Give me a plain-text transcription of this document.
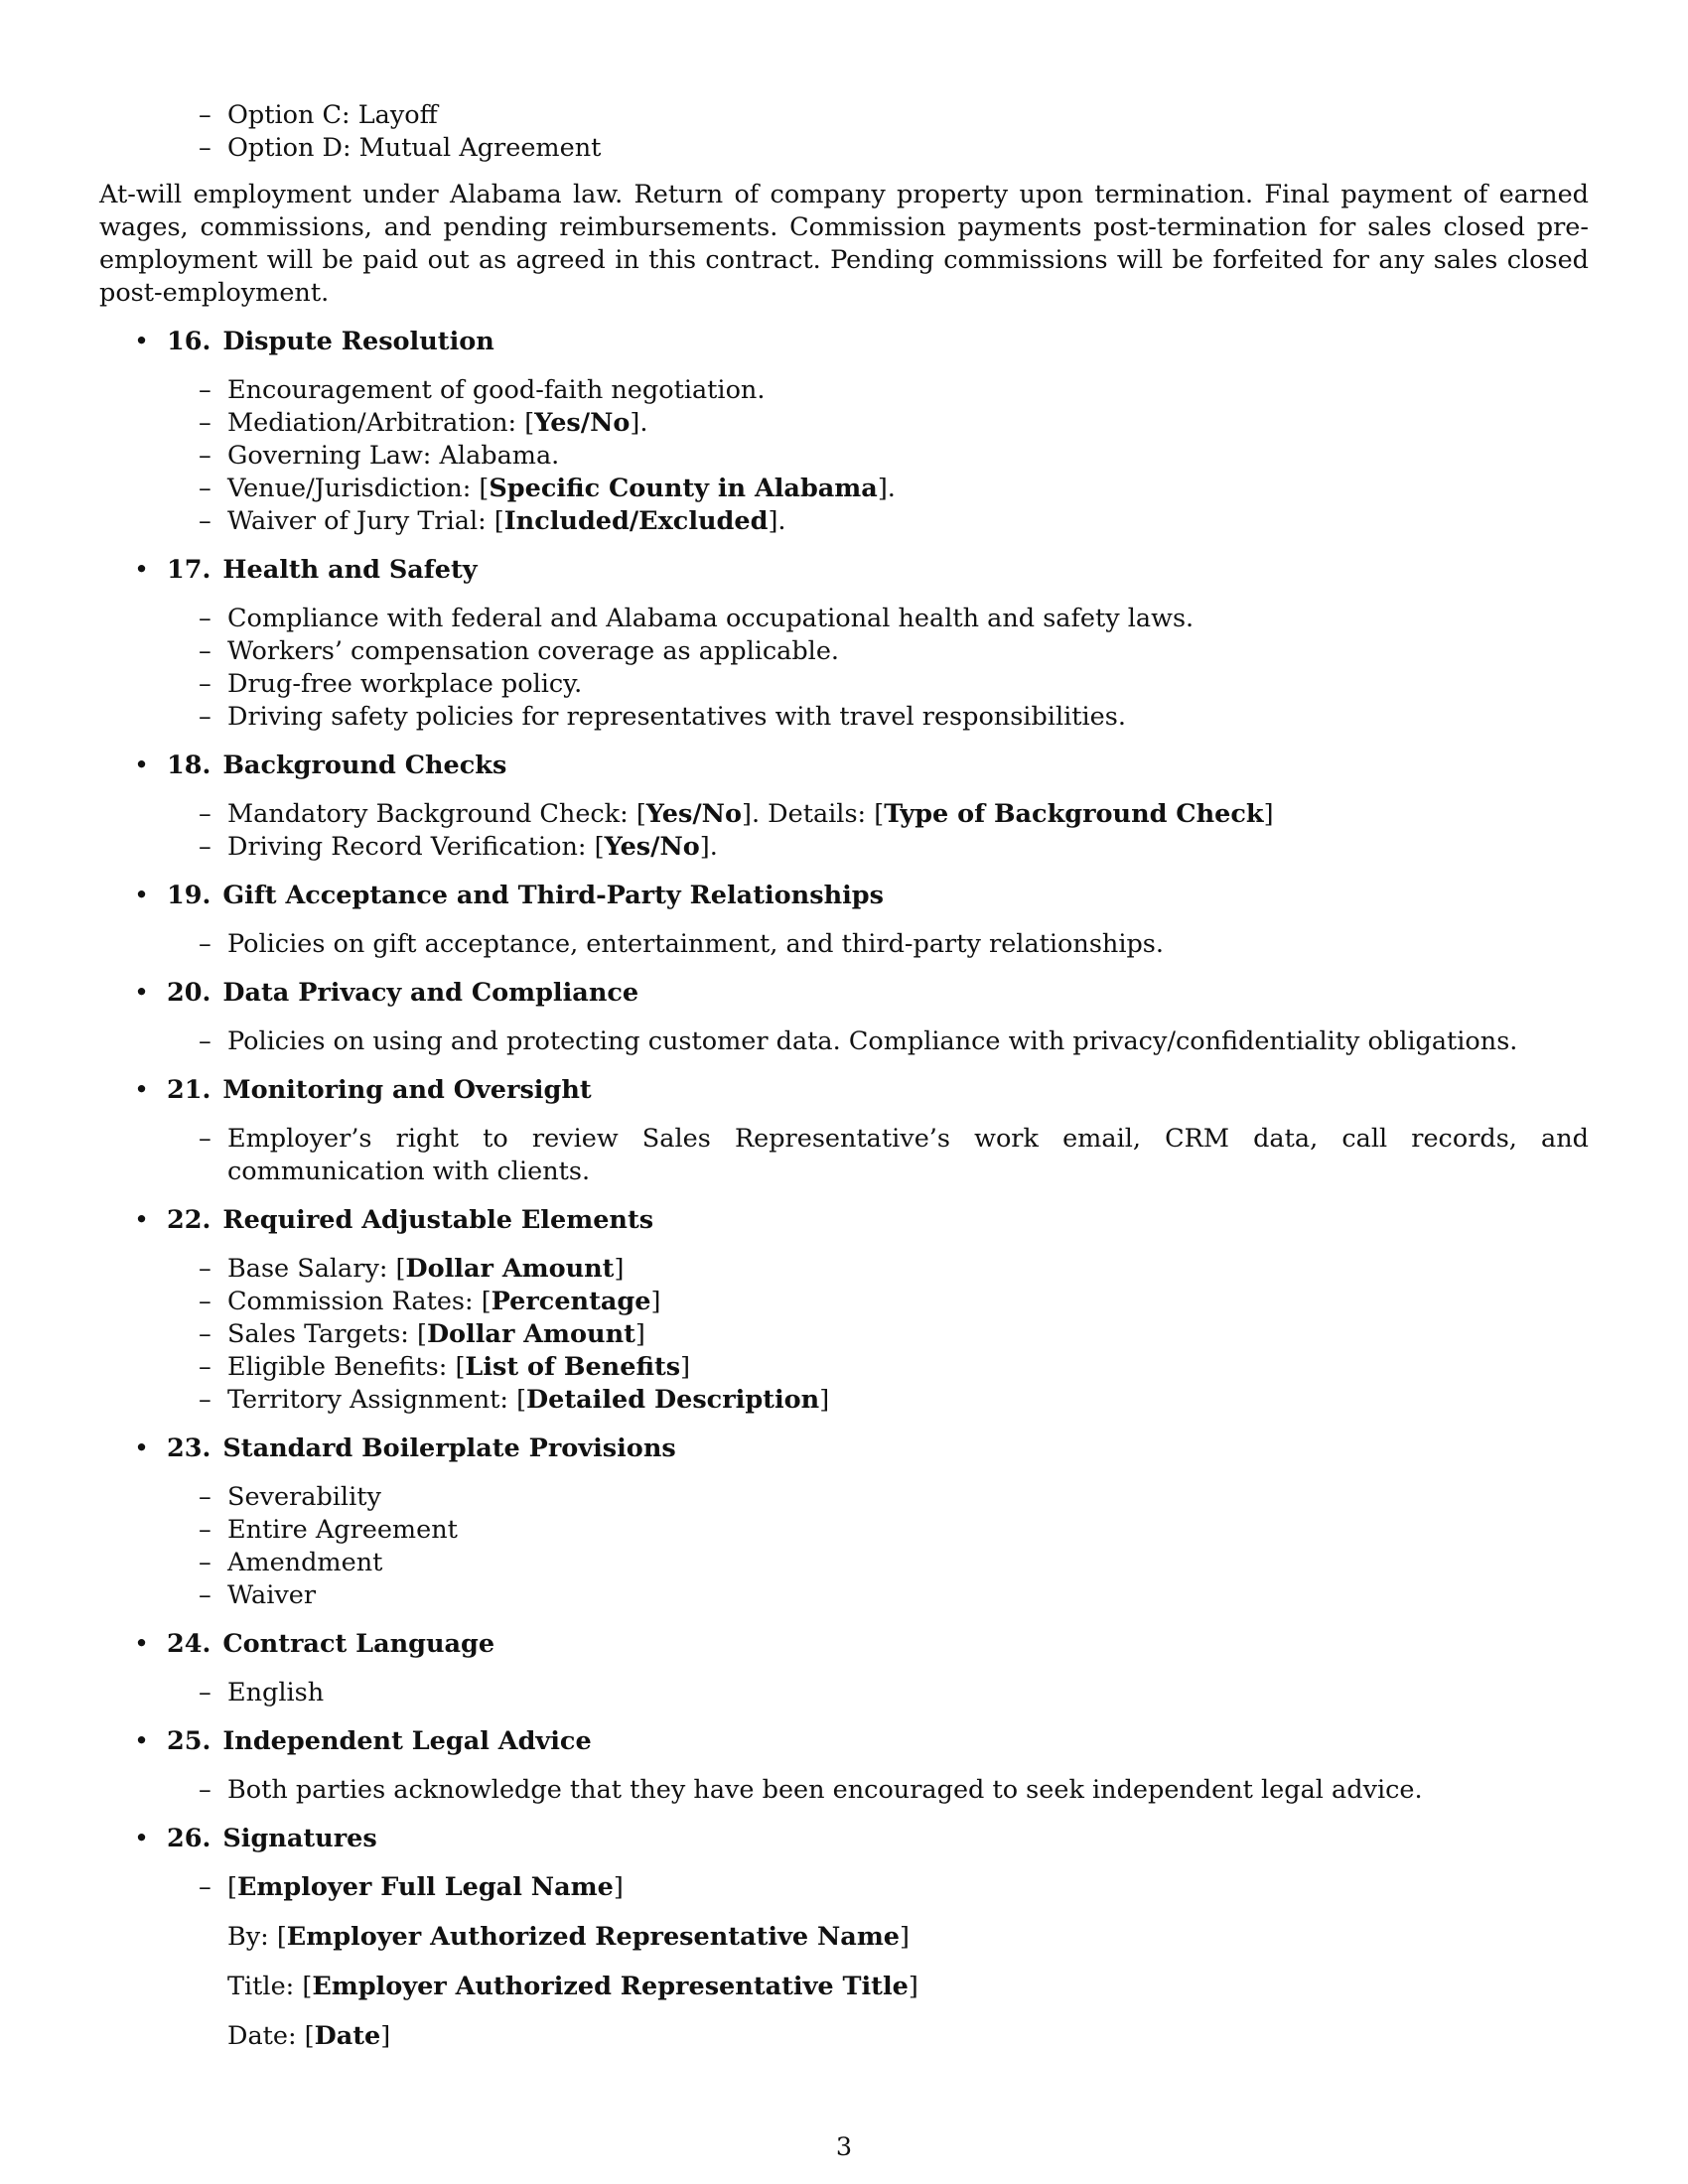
– Option C: Layoff
– Option D: Mutual Agreement

At-will employment under Alabama law. Return of company property upon termination. Final payment of earned wages, commissions, and pending reimbursements. Commission payments post-termination for sales closed pre-employment will be paid out as agreed in this contract. Pending commissions will be forfeited for any sales closed post-employment.

• 16. Dispute Resolution
– Encouragement of good-faith negotiation.
– Mediation/Arbitration: [Yes/No].
– Governing Law: Alabama.
– Venue/Jurisdiction: [Specific County in Alabama].
– Waiver of Jury Trial: [Included/Excluded].
• 17. Health and Safety
– Compliance with federal and Alabama occupational health and safety laws.
– Workers’ compensation coverage as applicable.
– Drug-free workplace policy.
– Driving safety policies for representatives with travel responsibilities.
• 18. Background Checks
– Mandatory Background Check: [Yes/No]. Details: [Type of Background Check]
– Driving Record Verification: [Yes/No].
• 19. Gift Acceptance and Third-Party Relationships
– Policies on gift acceptance, entertainment, and third-party relationships.
• 20. Data Privacy and Compliance
– Policies on using and protecting customer data. Compliance with privacy/confidentiality obligations.
• 21. Monitoring and Oversight
– Employer’s right to review Sales Representative’s work email, CRM data, call records, and communication with clients.
• 22. Required Adjustable Elements
– Base Salary: [Dollar Amount]
– Commission Rates: [Percentage]
– Sales Targets: [Dollar Amount]
– Eligible Benefits: [List of Benefits]
– Territory Assignment: [Detailed Description]
• 23. Standard Boilerplate Provisions
– Severability
– Entire Agreement
– Amendment
– Waiver
• 24. Contract Language
– English
• 25. Independent Legal Advice
– Both parties acknowledge that they have been encouraged to seek independent legal advice.
• 26. Signatures
– [Employer Full Legal Name]
By: [Employer Authorized Representative Name]
Title: [Employer Authorized Representative Title]
Date: [Date]
3
